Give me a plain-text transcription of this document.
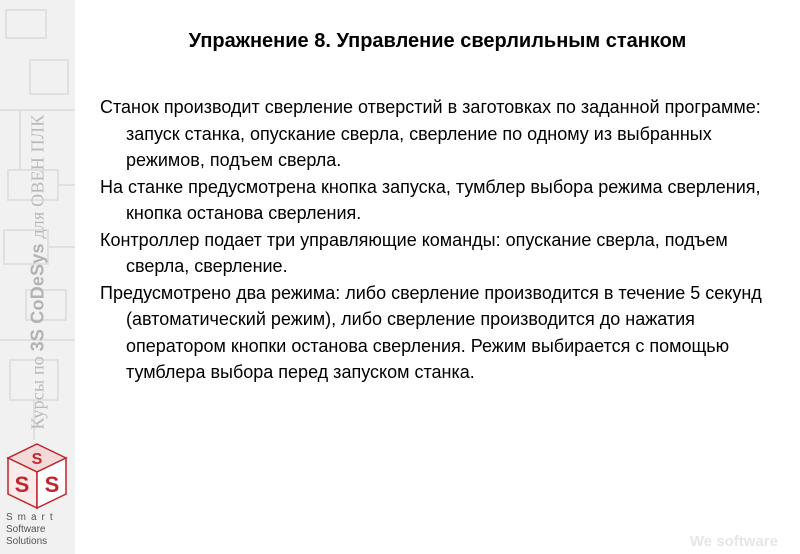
Курсы по 3S CoDeSys для ОВЕН ПЛК
S
S S
Smart
Software
Solutions
Упражнение 8. Управление сверлильным станком

Станок производит сверление отверстий в заготовках по заданной программе: запуск станка, опускание сверла, сверление по одному из выбранных режимов, подъем сверла.

На станке предусмотрена кнопка запуска, тумблер выбора режима сверления, кнопка останова сверления.

Контроллер подает три управляющие команды: опускание сверла, подъем сверла, сверление.

Предусмотрено два режима: либо сверление производится в течение 5 секунд (автоматический режим), либо сверление производится до нажатия оператором кнопки останова сверления. Режим выбирается с помощью тумблера выбора перед запуском станка.

We software
